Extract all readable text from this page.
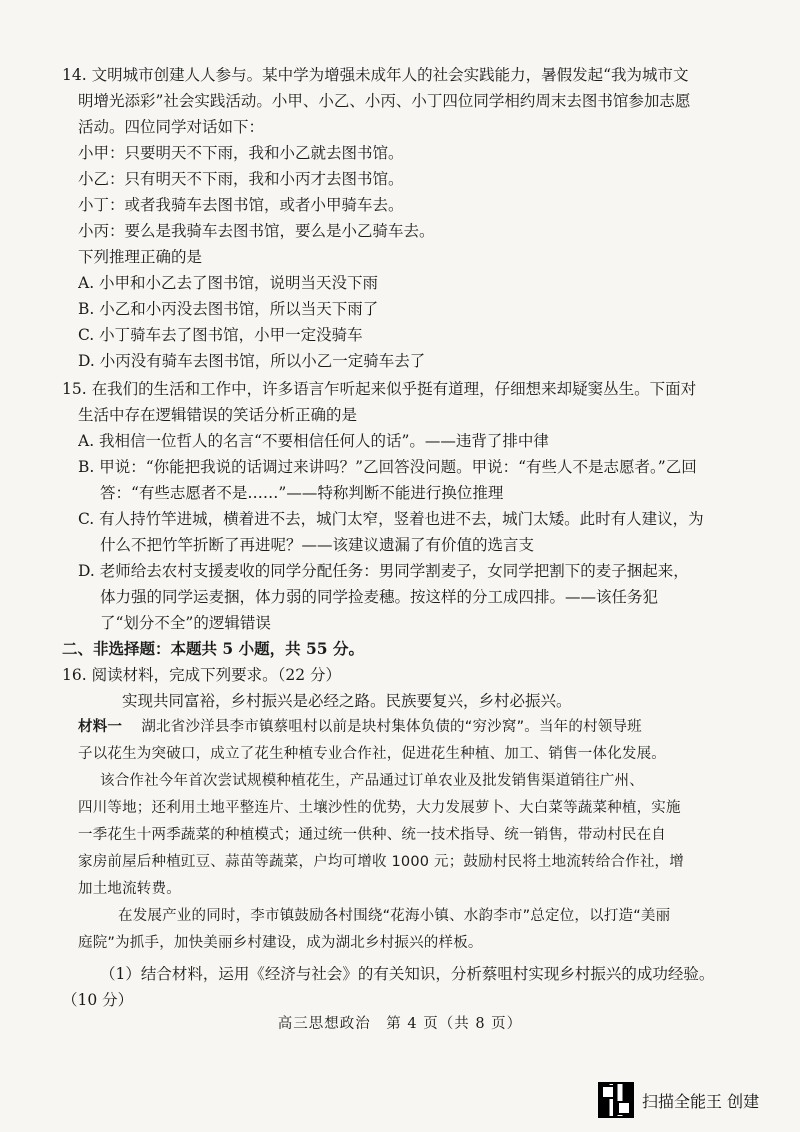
14. 文明城市创建人人参与。某中学为增强未成年人的社会实践能力，暑假发起“我为城市文
明增光添彩”社会实践活动。小甲、小乙、小丙、小丁四位同学相约周末去图书馆参加志愿
活动。四位同学对话如下：
小甲：只要明天不下雨，我和小乙就去图书馆。
小乙：只有明天不下雨，我和小丙才去图书馆。
小丁：或者我骑车去图书馆，或者小甲骑车去。
小丙：要么是我骑车去图书馆，要么是小乙骑车去。
下列推理正确的是
A. 小甲和小乙去了图书馆，说明当天没下雨
B. 小乙和小丙没去图书馆，所以当天下雨了
C. 小丁骑车去了图书馆，小甲一定没骑车
D. 小丙没有骑车去图书馆，所以小乙一定骑车去了
15. 在我们的生活和工作中，许多语言乍听起来似乎挺有道理，仔细想来却疑窦丛生。下面对
生活中存在逻辑错误的笑话分析正确的是
A. 我相信一位哲人的名言“不要相信任何人的话”。——违背了排中律
B. 甲说：“你能把我说的话调过来讲吗？”乙回答没问题。甲说：“有些人不是志愿者。”乙回
答：“有些志愿者不是……”——特称判断不能进行换位推理
C. 有人持竹竿进城，横着进不去，城门太窄，竖着也进不去，城门太矮。此时有人建议，为
什么不把竹竿折断了再进呢？——该建议遗漏了有价值的选言支
D. 老师给去农村支援麦收的同学分配任务：男同学割麦子，女同学把割下的麦子捆起来，
体力强的同学运麦捆，体力弱的同学捡麦穗。按这样的分工成四排。——该任务犯
了“划分不全”的逻辑错误
二、非选择题：本题共 5 小题，共 55 分。
16. 阅读材料，完成下列要求。（22 分）
实现共同富裕，乡村振兴是必经之路。民族要复兴，乡村必振兴。
材料一 湖北省沙洋县李市镇蔡咀村以前是块村集体负债的“穷沙窝”。当年的村领导班
子以花生为突破口，成立了花生种植专业合作社，促进花生种植、加工、销售一体化发展。
该合作社今年首次尝试规模种植花生，产品通过订单农业及批发销售渠道销往广州、
四川等地；还利用土地平整连片、土壤沙性的优势，大力发展萝卜、大白菜等蔬菜种植，实施
一季花生十两季蔬菜的种植模式；通过统一供种、统一技术指导、统一销售，带动村民在自
家房前屋后种植豇豆、蒜苗等蔬菜，户均可增收 1000 元；鼓励村民将土地流转给合作社，增
加土地流转费。
在发展产业的同时，李市镇鼓励各村围绕“花海小镇、水韵李市”总定位，以打造“美丽
庭院”为抓手，加快美丽乡村建设，成为湖北乡村振兴的样板。
（1）结合材料，运用《经济与社会》的有关知识，分析蔡咀村实现乡村振兴的成功经验。
（10 分）
高三思想政治　第 4 页（共 8 页）
扫描全能王 创建
